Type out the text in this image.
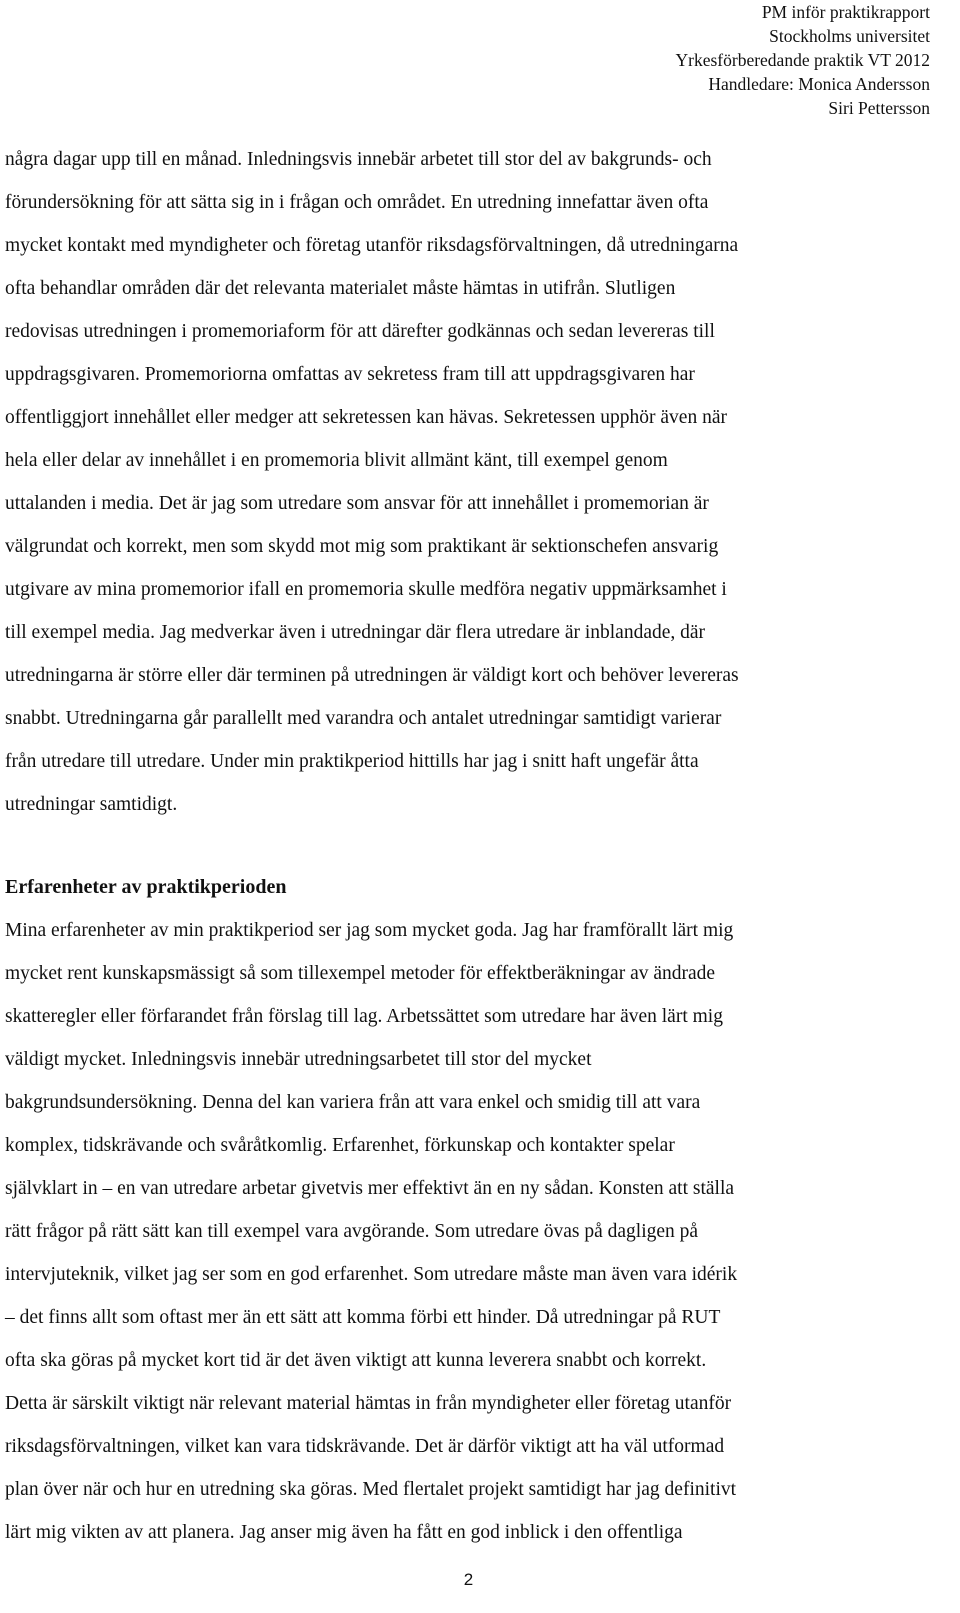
PM inför praktikrapport
Stockholms universitet
Yrkesförberedande praktik VT 2012
Handledare: Monica Andersson
Siri Pettersson
några dagar upp till en månad. Inledningsvis innebär arbetet till stor del av bakgrunds- och
förundersökning för att sätta sig in i frågan och området. En utredning innefattar även ofta
mycket kontakt med myndigheter och företag utanför riksdagsförvaltningen, då utredningarna
ofta behandlar områden där det relevanta materialet måste hämtas in utifrån. Slutligen
redovisas utredningen i promemoriaform för att därefter godkännas och sedan levereras till
uppdragsgivaren. Promemoriorna omfattas av sekretess fram till att uppdragsgivaren har
offentliggjort innehållet eller medger att sekretessen kan hävas. Sekretessen upphör även när
hela eller delar av innehållet i en promemoria blivit allmänt känt, till exempel genom
uttalanden i media. Det är jag som utredare som ansvar för att innehållet i promemorian är
välgrundat och korrekt, men som skydd mot mig som praktikant är sektionschefen ansvarig
utgivare av mina promemorior ifall en promemoria skulle medföra negativ uppmärksamhet i
till exempel media. Jag medverkar även i utredningar där flera utredare är inblandade, där
utredningarna är större eller där terminen på utredningen är väldigt kort och behöver levereras
snabbt. Utredningarna går parallellt med varandra och antalet utredningar samtidigt varierar
från utredare till utredare. Under min praktikperiod hittills har jag i snitt haft ungefär åtta
utredningar samtidigt.
Erfarenheter av praktikperioden
Mina erfarenheter av min praktikperiod ser jag som mycket goda. Jag har framförallt lärt mig
mycket rent kunskapsmässigt så som tillexempel metoder för effektberäkningar av ändrade
skatteregler eller förfarandet från förslag till lag. Arbetssättet som utredare har även lärt mig
väldigt mycket. Inledningsvis innebär utredningsarbetet till stor del mycket
bakgrundsundersökning. Denna del kan variera från att vara enkel och smidig till att vara
komplex, tidskrävande och svåråtkomlig. Erfarenhet, förkunskap och kontakter spelar
självklart in – en van utredare arbetar givetvis mer effektivt än en ny sådan. Konsten att ställa
rätt frågor på rätt sätt kan till exempel vara avgörande. Som utredare övas på dagligen på
intervjuteknik, vilket jag ser som en god erfarenhet. Som utredare måste man även vara idérik
– det finns allt som oftast mer än ett sätt att komma förbi ett hinder. Då utredningar på RUT
ofta ska göras på mycket kort tid är det även viktigt att kunna leverera snabbt och korrekt.
Detta är särskilt viktigt när relevant material hämtas in från myndigheter eller företag utanför
riksdagsförvaltningen, vilket kan vara tidskrävande. Det är därför viktigt att ha väl utformad
plan över när och hur en utredning ska göras. Med flertalet projekt samtidigt har jag definitivt
lärt mig vikten av att planera. Jag anser mig även ha fått en god inblick i den offentliga
2
